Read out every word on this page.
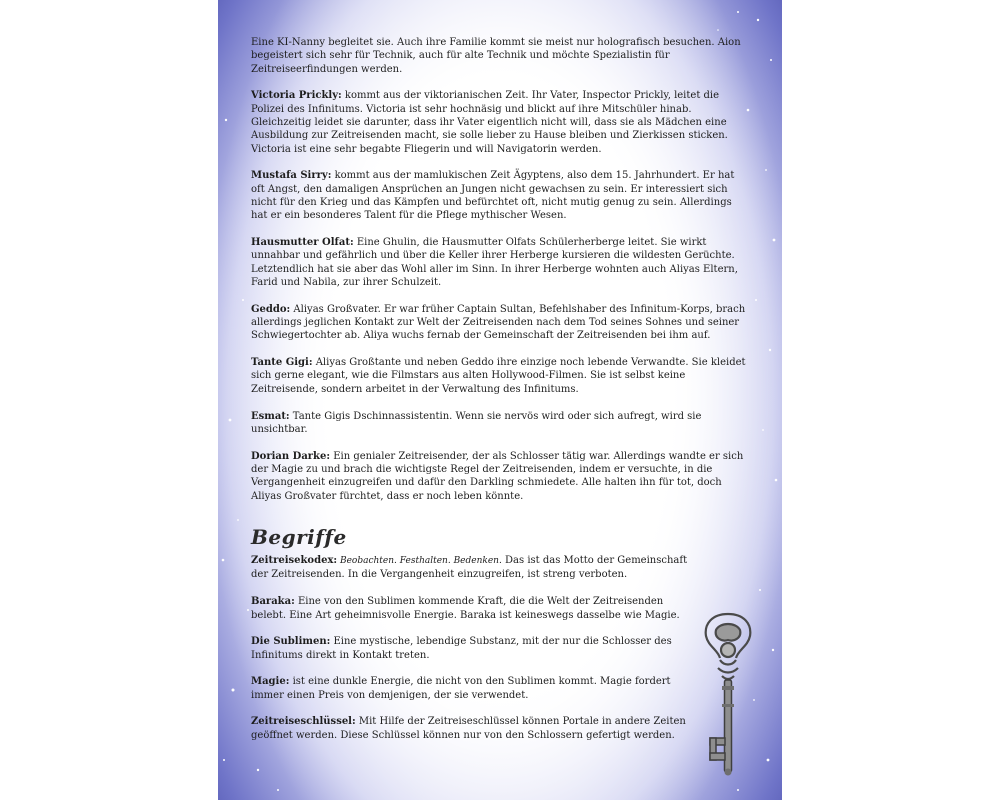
Eine KI-Nanny begleitet sie. Auch ihre Familie kommt sie meist nur holografisch besuchen. Aion begeistert sich sehr für Technik, auch für alte Technik und möchte Spezialistin für Zeitreiseerfindungen werden.

Victoria Prickly: kommt aus der viktorianischen Zeit. Ihr Vater, Inspector Prickly, leitet die Polizei des Infinitums. Victoria ist sehr hochnäsig und blickt auf ihre Mitschüler hinab. Gleichzeitig leidet sie darunter, dass ihr Vater eigentlich nicht will, dass sie als Mädchen eine Ausbildung zur Zeitreisenden macht, sie solle lieber zu Hause bleiben und Zierkissen sticken. Victoria ist eine sehr begabte Fliegerin und will Navigatorin werden.

Mustafa Sirry: kommt aus der mamlukischen Zeit Ägyptens, also dem 15. Jahrhundert. Er hat oft Angst, den damaligen Ansprüchen an Jungen nicht gewachsen zu sein. Er interessiert sich nicht für den Krieg und das Kämpfen und befürchtet oft, nicht mutig genug zu sein. Allerdings hat er ein besonderes Talent für die Pflege mythischer Wesen.

Hausmutter Olfat: Eine Ghulin, die Hausmutter Olfats Schülerherberge leitet. Sie wirkt unnahbar und gefährlich und über die Keller ihrer Herberge kursieren die wildesten Gerüchte. Letztendlich hat sie aber das Wohl aller im Sinn. In ihrer Herberge wohnten auch Aliyas Eltern, Farid und Nabila, zur ihrer Schulzeit.

Geddo: Aliyas Großvater. Er war früher Captain Sultan, Befehlshaber des Infinitum-Korps, brach allerdings jeglichen Kontakt zur Welt der Zeitreisenden nach dem Tod seines Sohnes und seiner Schwiegertochter ab. Aliya wuchs fernab der Gemeinschaft der Zeitreisenden bei ihm auf.

Tante Gigi: Aliyas Großtante und neben Geddo ihre einzige noch lebende Verwandte. Sie kleidet sich gerne elegant, wie die Filmstars aus alten Hollywood-Filmen. Sie ist selbst keine Zeitreisende, sondern arbeitet in der Verwaltung des Infinitums.

Esmat: Tante Gigis Dschinnassistentin. Wenn sie nervös wird oder sich aufregt, wird sie unsichtbar.

Dorian Darke: Ein genialer Zeitreisender, der als Schlosser tätig war. Allerdings wandte er sich der Magie zu und brach die wichtigste Regel der Zeitreisenden, indem er versuchte, in die Vergangenheit einzugreifen und dafür den Darkling schmiedete. Alle halten ihn für tot, doch Aliyas Großvater fürchtet, dass er noch leben könnte.

Begriffe

Zeitreisekodex: Beobachten. Festhalten. Bedenken. Das ist das Motto der Gemeinschaft der Zeitreisenden. In die Vergangenheit einzugreifen, ist streng verboten.

Baraka: Eine von den Sublimen kommende Kraft, die die Welt der Zeitreisenden belebt. Eine Art geheimnisvolle Energie. Baraka ist keineswegs dasselbe wie Magie.

Die Sublimen: Eine mystische, lebendige Substanz, mit der nur die Schlosser des Infinitums direkt in Kontakt treten.

Magie: ist eine dunkle Energie, die nicht von den Sublimen kommt. Magie fordert immer einen Preis von demjenigen, der sie verwendet.

Zeitreiseschlüssel: Mit Hilfe der Zeitreiseschlüssel können Portale in andere Zeiten geöffnet werden. Diese Schlüssel können nur von den Schlossern gefertigt werden.
